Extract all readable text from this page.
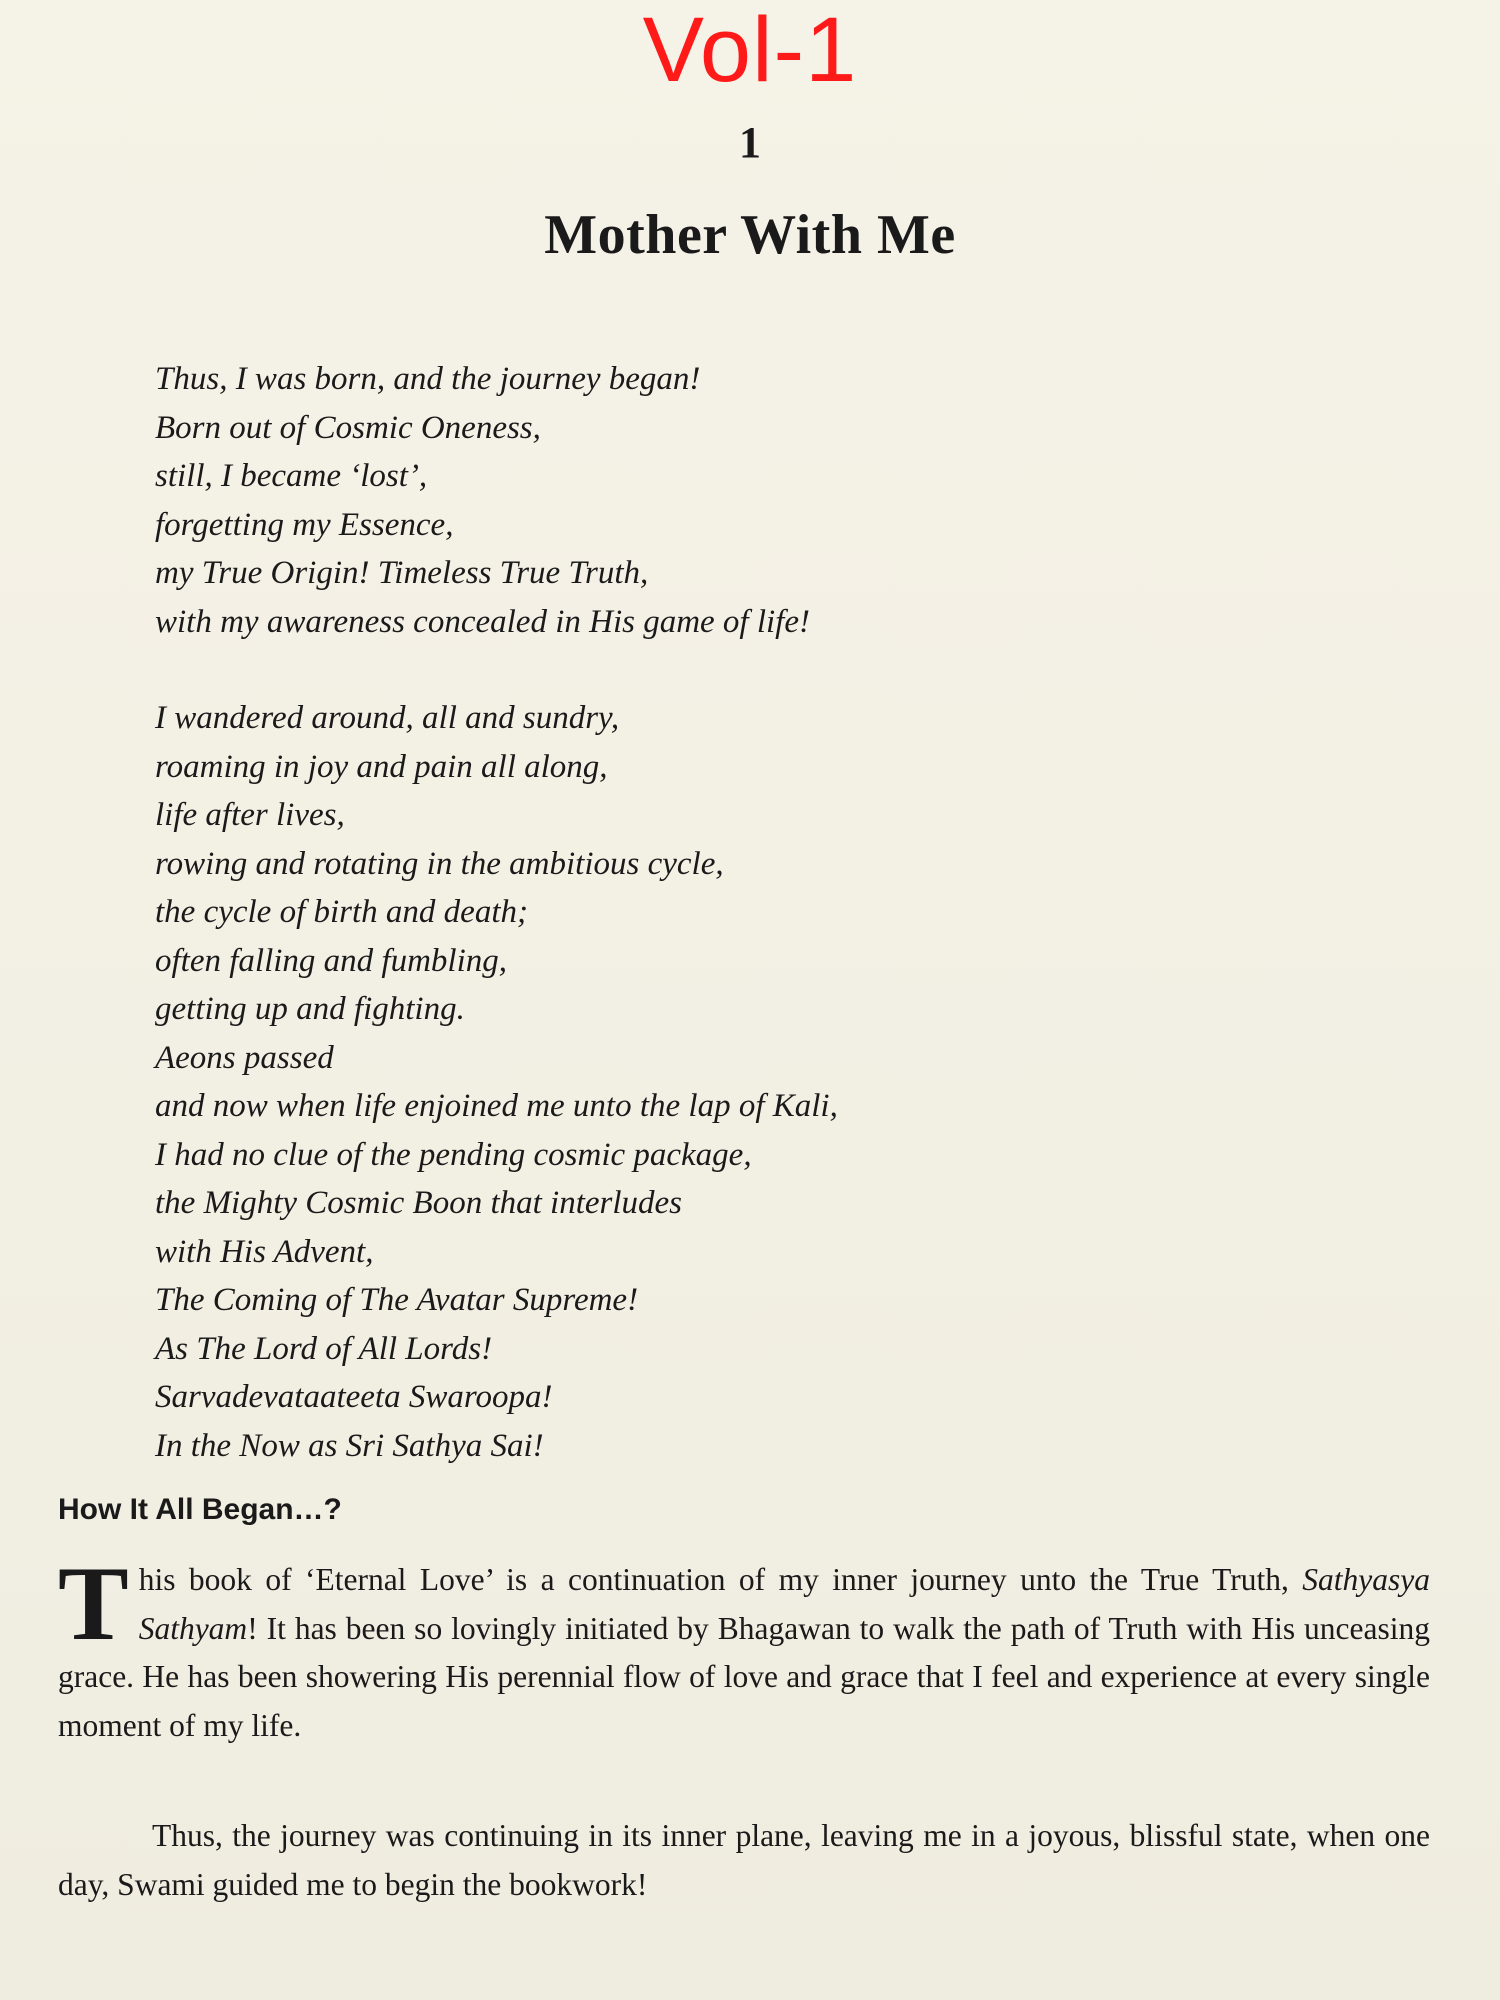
Vol-1
1
Mother With Me
Thus, I was born, and the journey began!
Born out of Cosmic Oneness,
still, I became ‘lost’,
forgetting my Essence,
my True Origin! Timeless True Truth,
with my awareness concealed in His game of life!
I wandered around, all and sundry,
roaming in joy and pain all along,
life after lives,
rowing and rotating in the ambitious cycle,
the cycle of birth and death;
often falling and fumbling,
getting up and fighting.
Aeons passed
and now when life enjoined me unto the lap of Kali,
I had no clue of the pending cosmic package,
the Mighty Cosmic Boon that interludes
with His Advent,
The Coming of The Avatar Supreme!
As The Lord of All Lords!
Sarvadevataateeta Swaroopa!
In the Now as Sri Sathya Sai!
How It All Began…?
This book of ‘Eternal Love’ is a continuation of my inner journey unto the True Truth, Sathyasya Sathyam! It has been so lovingly initiated by Bhagawan to walk the path of Truth with His unceasing grace. He has been showering His perennial flow of love and grace that I feel and experience at every single moment of my life.
Thus, the journey was continuing in its inner plane, leaving me in a joyous, blissful state, when one day, Swami guided me to begin the bookwork!
